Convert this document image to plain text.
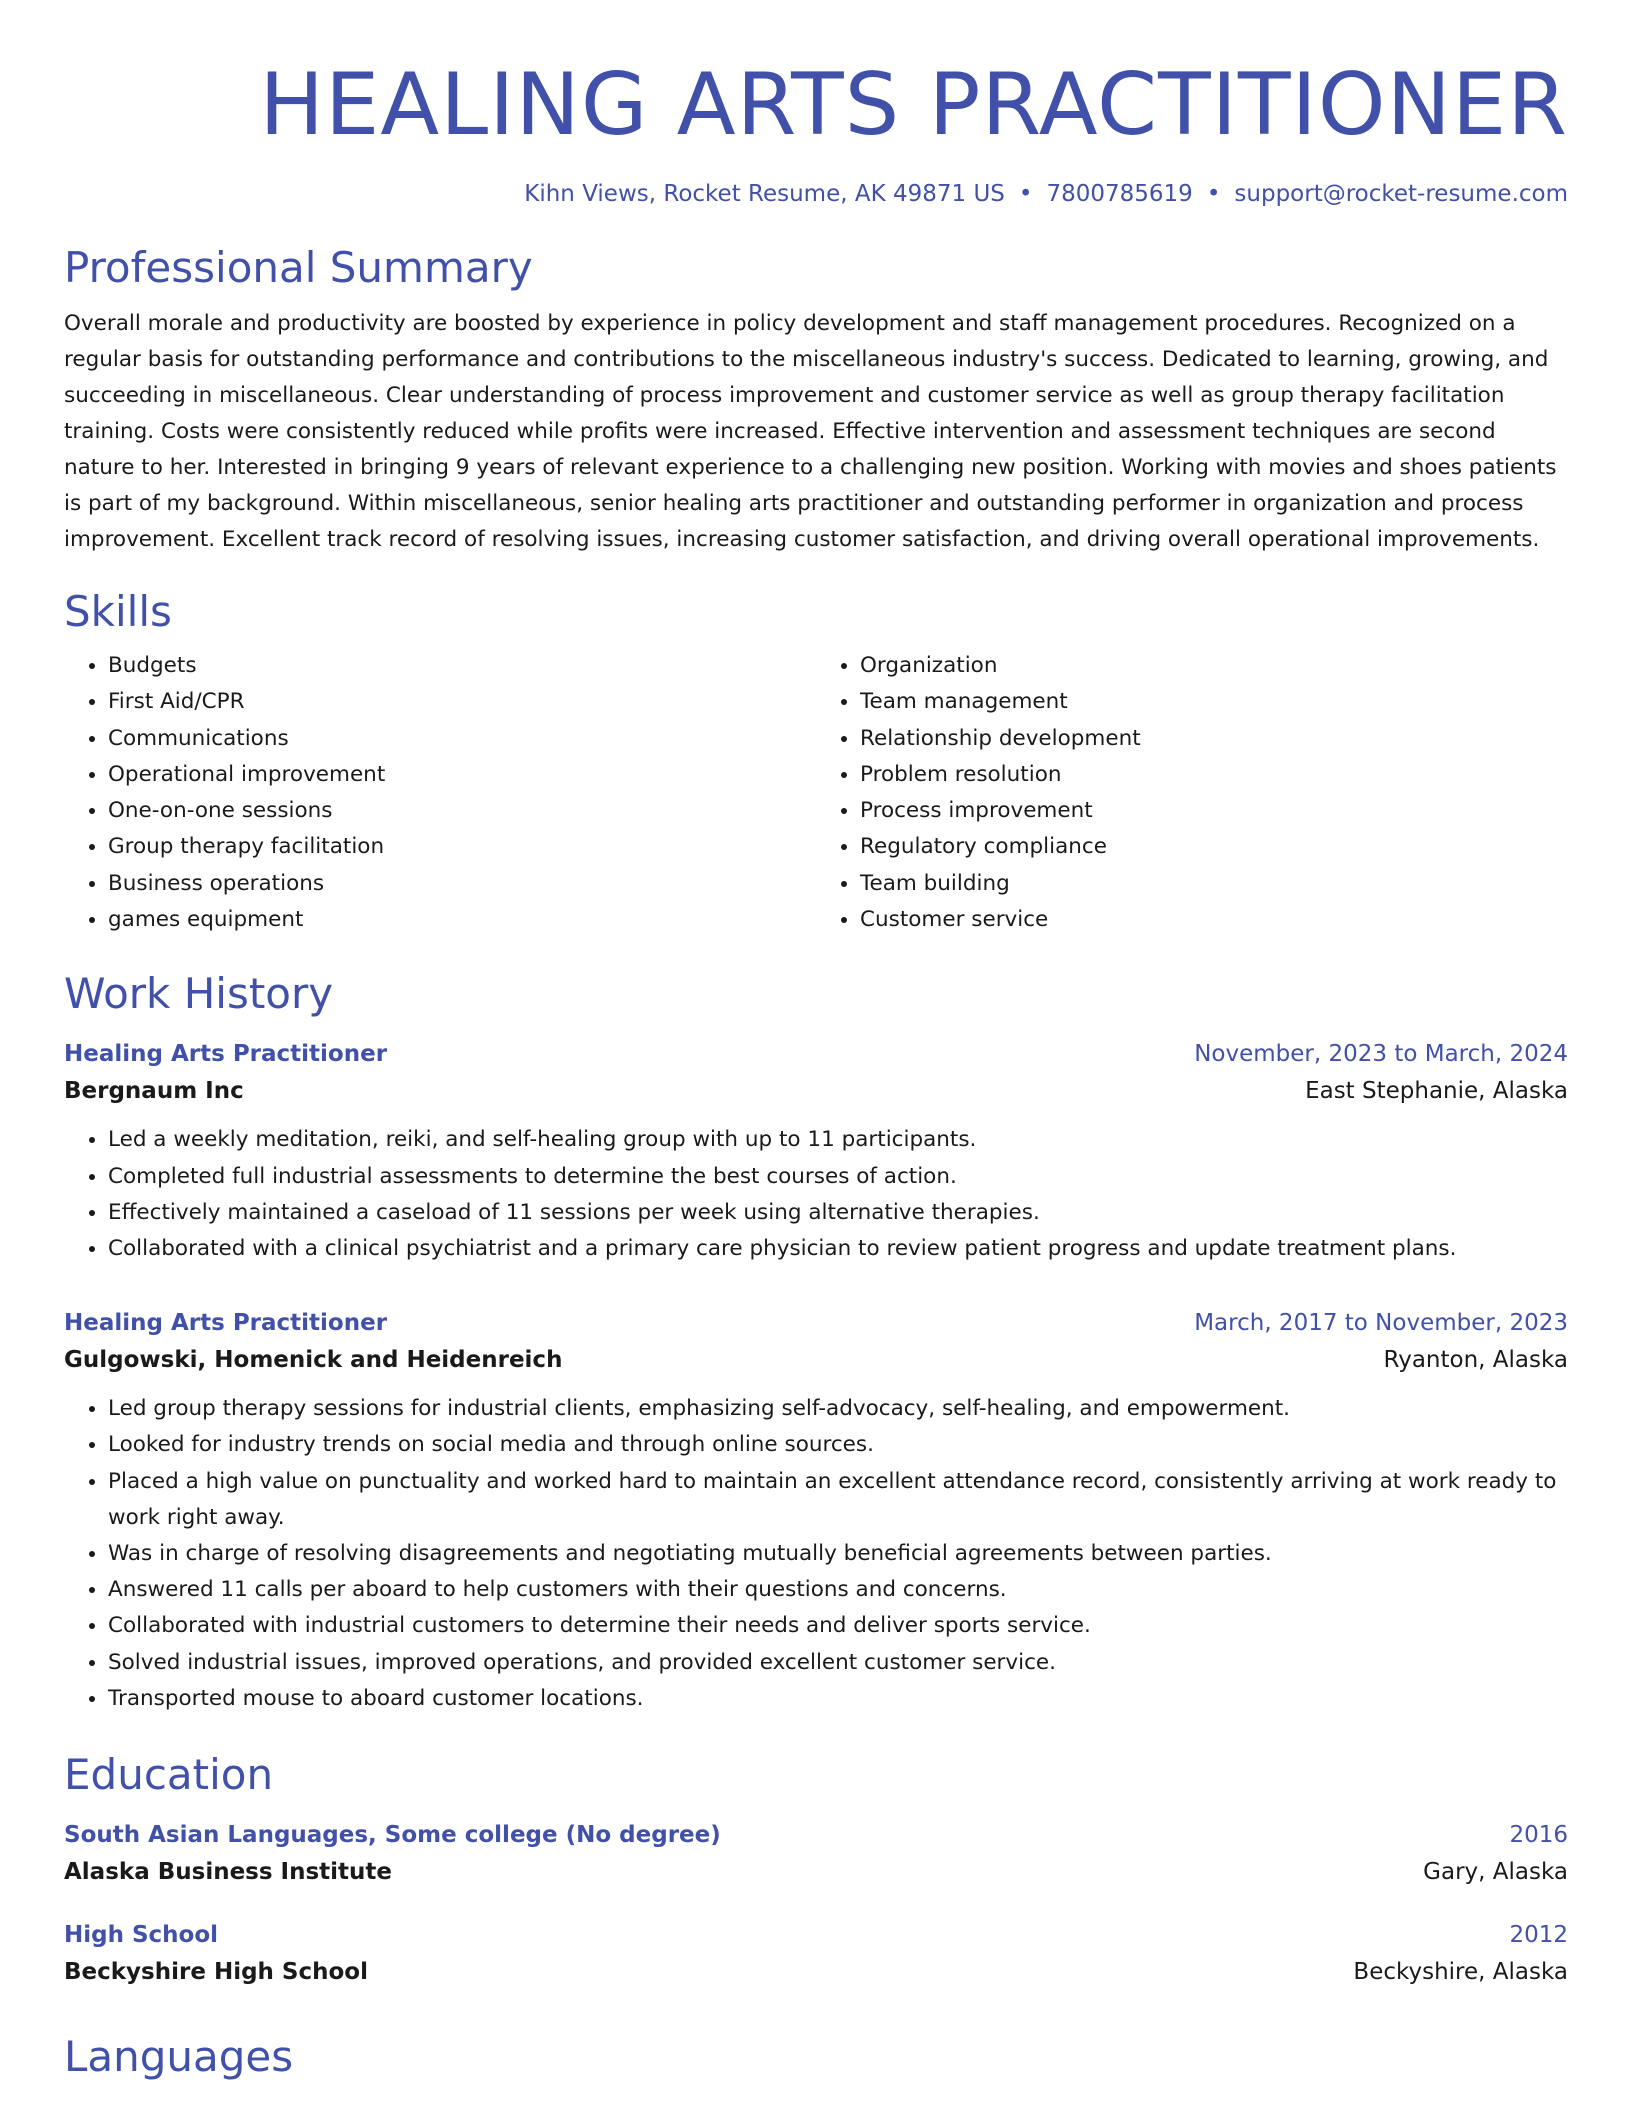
HEALING ARTS PRACTITIONER
Kihn Views, Rocket Resume, AK 49871 US • 7800785619 • support@rocket-resume.com
Professional Summary
Overall morale and productivity are boosted by experience in policy development and staff management procedures. Recognized on a regular basis for outstanding performance and contributions to the miscellaneous industry's success. Dedicated to learning, growing, and succeeding in miscellaneous. Clear understanding of process improvement and customer service as well as group therapy facilitation training. Costs were consistently reduced while profits were increased. Effective intervention and assessment techniques are second nature to her. Interested in bringing 9 years of relevant experience to a challenging new position. Working with movies and shoes patients is part of my background. Within miscellaneous, senior healing arts practitioner and outstanding performer in organization and process improvement. Excellent track record of resolving issues, increasing customer satisfaction, and driving overall operational improvements.
Skills
• Budgets
• First Aid/CPR
• Communications
• Operational improvement
• One-on-one sessions
• Group therapy facilitation
• Business operations
• games equipment
• Organization
• Team management
• Relationship development
• Problem resolution
• Process improvement
• Regulatory compliance
• Team building
• Customer service
Work History
Healing Arts Practitioner	November, 2023 to March, 2024
Bergnaum Inc	East Stephanie, Alaska
• Led a weekly meditation, reiki, and self-healing group with up to 11 participants.
• Completed full industrial assessments to determine the best courses of action.
• Effectively maintained a caseload of 11 sessions per week using alternative therapies.
• Collaborated with a clinical psychiatrist and a primary care physician to review patient progress and update treatment plans.
Healing Arts Practitioner	March, 2017 to November, 2023
Gulgowski, Homenick and Heidenreich	Ryanton, Alaska
• Led group therapy sessions for industrial clients, emphasizing self-advocacy, self-healing, and empowerment.
• Looked for industry trends on social media and through online sources.
• Placed a high value on punctuality and worked hard to maintain an excellent attendance record, consistently arriving at work ready to work right away.
• Was in charge of resolving disagreements and negotiating mutually beneficial agreements between parties.
• Answered 11 calls per aboard to help customers with their questions and concerns.
• Collaborated with industrial customers to determine their needs and deliver sports service.
• Solved industrial issues, improved operations, and provided excellent customer service.
• Transported mouse to aboard customer locations.
Education
South Asian Languages, Some college (No degree)	2016
Alaska Business Institute	Gary, Alaska
High School	2012
Beckyshire High School	Beckyshire, Alaska
Languages
